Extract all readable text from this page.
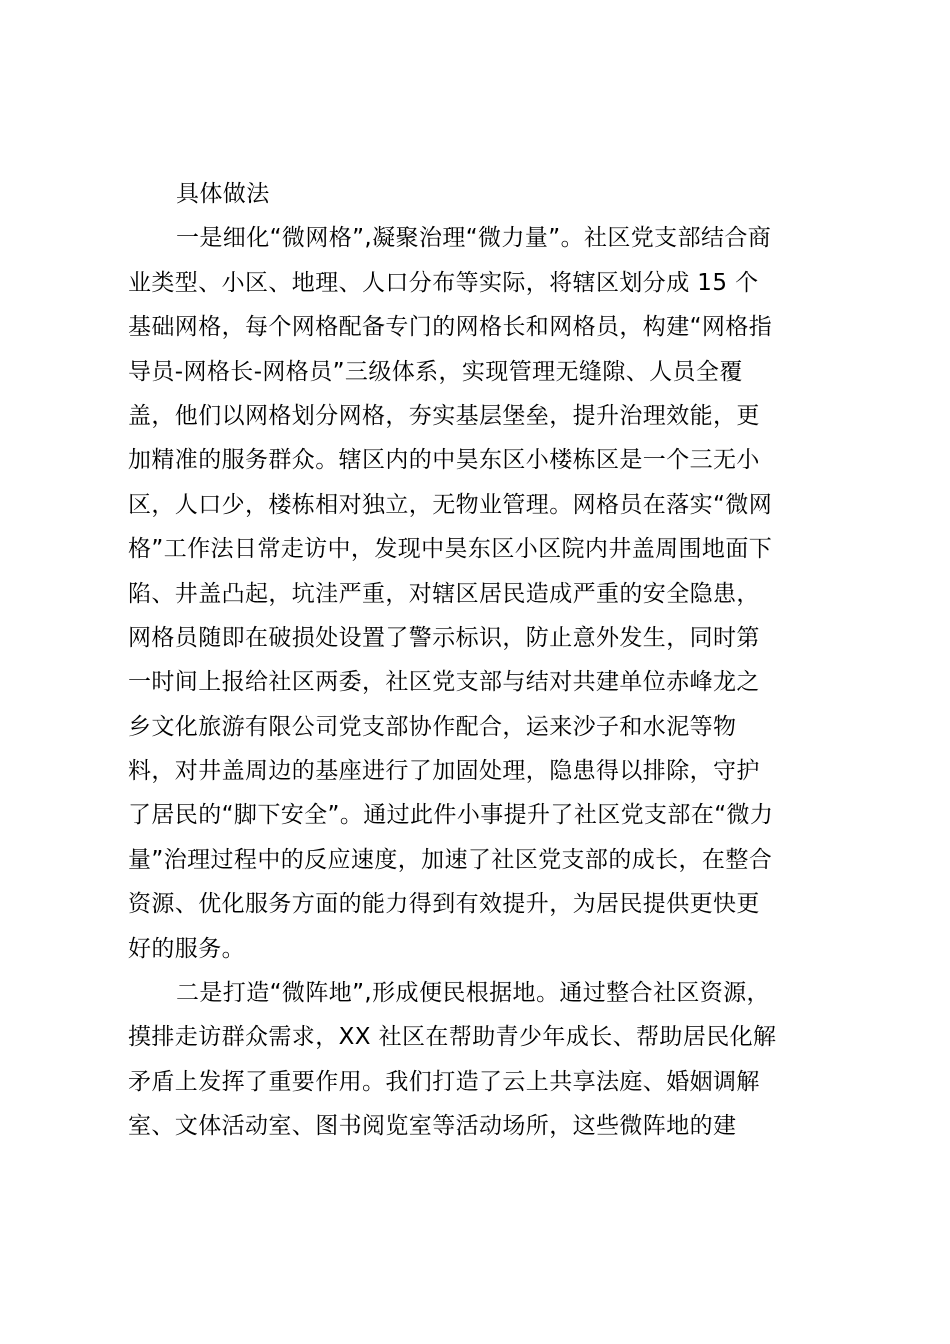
具体做法
一是细化“微网格”,凝聚治理“微力量”。社区党支部结合商
业类型、小区、地理、人口分布等实际，将辖区划分成 15 个
基础网格，每个网格配备专门的网格长和网格员，构建“网格指
导员-网格长-网格员”三级体系，实现管理无缝隙、人员全覆
盖，他们以网格划分网格，夯实基层堡垒，提升治理效能，更
加精准的服务群众。辖区内的中昊东区小楼栋区是一个三无小
区，人口少，楼栋相对独立，无物业管理。网格员在落实“微网
格”工作法日常走访中，发现中昊东区小区院内井盖周围地面下
陷、井盖凸起，坑洼严重，对辖区居民造成严重的安全隐患，
网格员随即在破损处设置了警示标识，防止意外发生，同时第
一时间上报给社区两委，社区党支部与结对共建单位赤峰龙之
乡文化旅游有限公司党支部协作配合，运来沙子和水泥等物
料，对井盖周边的基座进行了加固处理，隐患得以排除，守护
了居民的“脚下安全”。通过此件小事提升了社区党支部在“微力
量”治理过程中的反应速度，加速了社区党支部的成长，在整合
资源、优化服务方面的能力得到有效提升，为居民提供更快更
好的服务。
二是打造“微阵地”,形成便民根据地。通过整合社区资源，
摸排走访群众需求，XX 社区在帮助青少年成长、帮助居民化解
矛盾上发挥了重要作用。我们打造了云上共享法庭、婚姻调解
室、文体活动室、图书阅览室等活动场所，这些微阵地的建
